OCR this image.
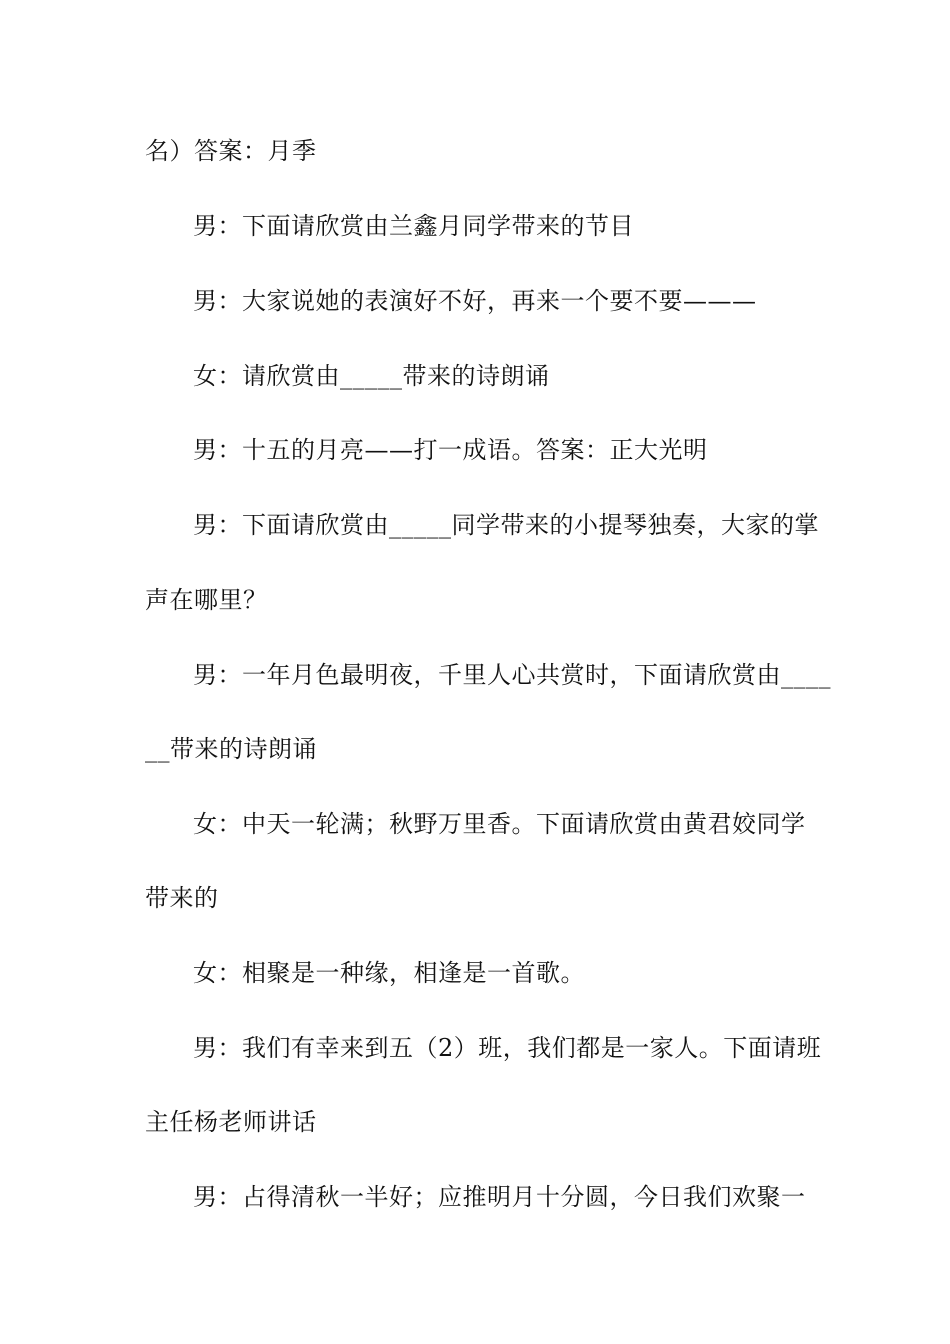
名）答案：月季
男：下面请欣赏由兰鑫月同学带来的节目
男：大家说她的表演好不好，再来一个要不要———
女：请欣赏由_____带来的诗朗诵
男：十五的月亮——打一成语。答案：正大光明
男：下面请欣赏由_____同学带来的小提琴独奏，大家的掌
声在哪里？
男：一年月色最明夜，千里人心共赏时，下面请欣赏由____
__带来的诗朗诵
女：中天一轮满；秋野万里香。下面请欣赏由黄君姣同学
带来的
女：相聚是一种缘，相逢是一首歌。
男：我们有幸来到五（2）班，我们都是一家人。下面请班
主任杨老师讲话
男：占得清秋一半好；应推明月十分圆，今日我们欢聚一
